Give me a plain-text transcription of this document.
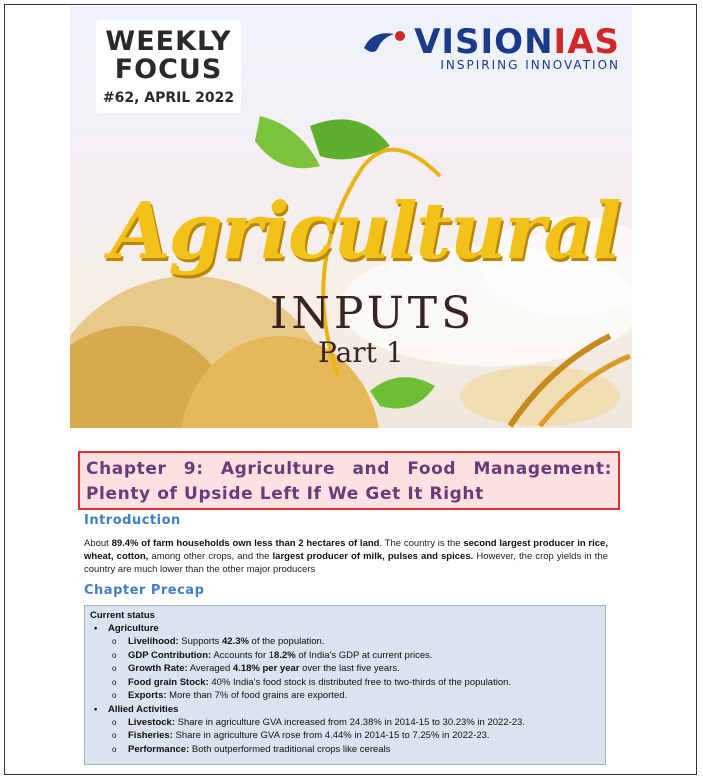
WEEKLY
FOCUS
#62, APRIL 2022
VISIONIAS
INSPIRING INNOVATION
Agricultural
INPUTS
Part 1
Chapter 9: Agriculture and Food Management: Plenty of Upside Left If We Get It Right
Introduction
About 89.4% of farm households own less than 2 hectares of land. The country is the second largest producer in rice, wheat, cotton, among other crops, and the largest producer of milk, pulses and spices. However, the crop yields in the country are much lower than the other major producers
Chapter Precap
Current status
• Agriculture
o Livelihood: Supports 42.3% of the population.
o GDP Contribution: Accounts for 18.2% of India's GDP at current prices.
o Growth Rate: Averaged 4.18% per year over the last five years.
o Food grain Stock: 40% India's food stock is distributed free to two-thirds of the population.
o Exports: More than 7% of food grains are exported.
• Allied Activities
o Livestock: Share in agriculture GVA increased from 24.38% in 2014-15 to 30.23% in 2022-23.
o Fisheries: Share in agriculture GVA rose from 4.44% in 2014-15 to 7.25% in 2022-23.
o Performance: Both outperformed traditional crops like cereals
